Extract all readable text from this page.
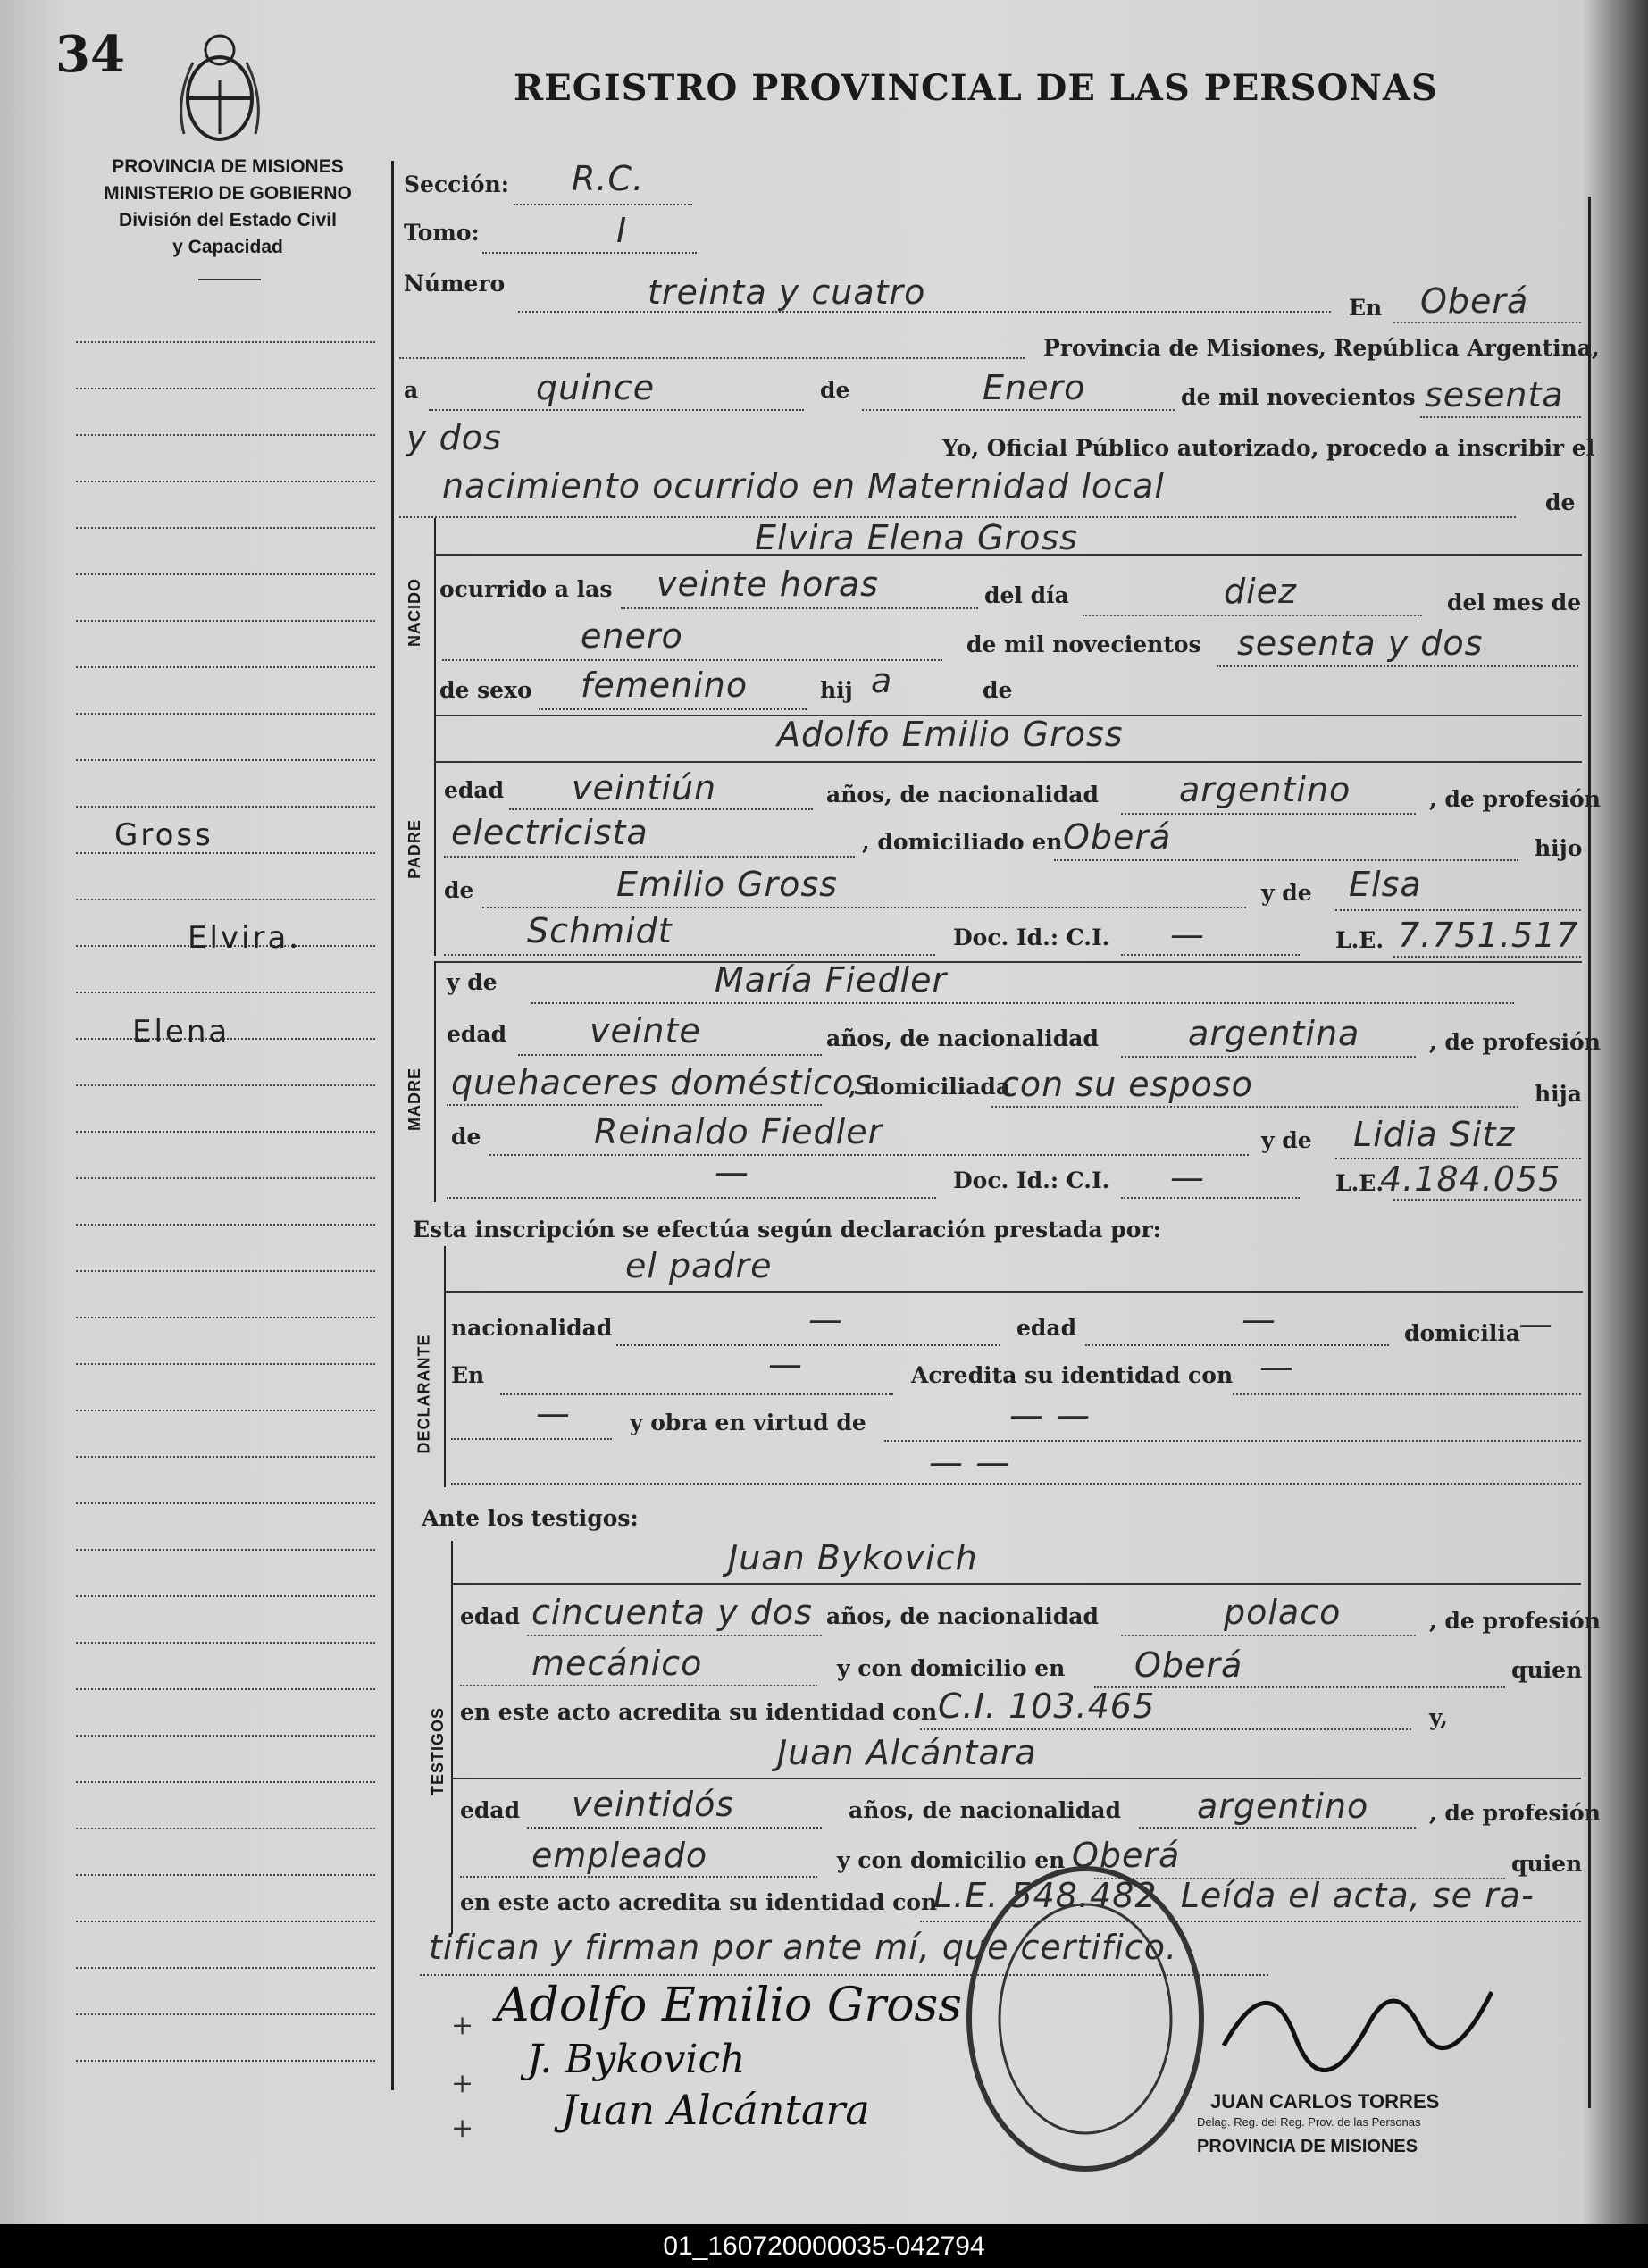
34
REGISTRO PROVINCIAL DE LAS PERSONAS
PROVINCIA DE MISIONES
MINISTERIO DE GOBIERNO
División del Estado Civil
y Capacidad
Gross
Elvira.
Elena
Sección: R.C.
Tomo:	I
Número	treinta y cuatro	En Oberá
Provincia de Misiones, República Argentina,
a	quince	de	Enero	de mil novecientos sesenta
y dos	Yo, Oficial Público autorizado, procedo a inscribir el
nacimiento ocurrido en Maternidad local	de
NACIDO
Elvira Elena Gross
ocurrido a las veinte horas	del día	diez	del mes de
enero	de mil novecientos sesenta y dos
de sexo femenino	hij a	de
PADRE
Adolfo Emilio Gross
edad veintiún	años, de nacionalidad argentino	, de profesión
electricista	, domiciliado en Oberá	hijo
de	Emilio Gross	y de Elsa
Schmidt	Doc. Id.: C.I. —	L.E. 7.751.517
MADRE
y de	María Fiedler
edad veinte	años, de nacionalidad	argentina	, de profesión
quehaceres domésticos
, domiciliada
con su esposo	hija
de	Reinaldo Fiedler	y de Lidia Sitz
—	Doc. Id.: C.I. —	L.E.
4.184.055
Esta inscripción se efectúa según declaración prestada por:
DECLARANTE
el padre
nacionalidad	—	edad	—	domicilia
—
En	—	Acredita su identidad con —
—	y obra en virtud de	— —
— —
Ante los testigos:
TESTIGOS
Juan Bykovich
edad cincuenta y dos años, de nacionalidad	polaco	, de profesión
mecánico	y con domicilio en Oberá	quien
en este acto acredita su identidad con C.I. 103.465	y,
Juan Alcántara
edad veintidós	años, de nacionalidad argentino	, de profesión
empleado	y con domicilio en Oberá	quien
en este acto acredita su identidad con
L.E. 548.482. Leída el acta, se ra-
tifican y firman por ante mí, que certifico.
+
+
+
Adolfo Emilio Gross
J. Bykovich
Juan Alcántara	JUAN CARLOS TORRES
Delag. Reg. del Reg. Prov. de las Personas
PROVINCIA DE MISIONES
01_160720000035-042794
